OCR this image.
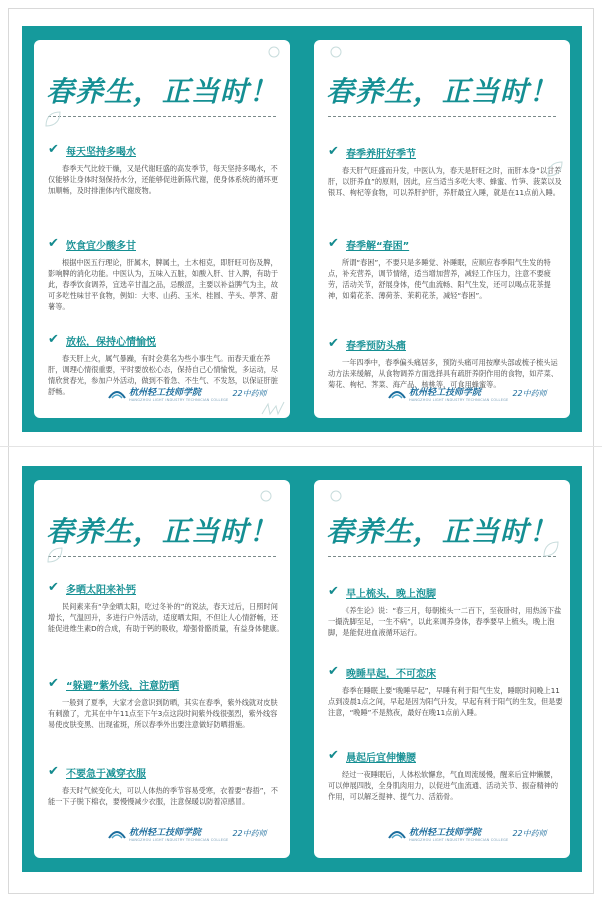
春养生，正当时！
✔ 每天坚持多喝水
春季天气比较干燥，又是代谢旺盛的高发季节，每天坚持多喝水，不仅能够让身体时刻保持水分，还能够促进新陈代谢，使身体系统的循环更加顺畅，及时排泄体内代谢废物。
✔ 饮食宜少酸多甘
根据中医五行理论，肝属木，脾属土，土木相克，即肝旺可伤及脾，影响脾的消化功能。中医认为，五味入五脏，如酸入肝、甘入脾，有助于此，春季饮食调养，宜选辛甘温之品，忌酸涩，主要以补益脾气为主，故可多吃性味甘平食物，例如：大枣、山药、玉米、桂圆、芋头、荸荠、甜薯等。
✔ 放松，保持心情愉悦
春天肝上火，属气暴躁，有时会莫名为些小事生气。而春天重在养肝，调理心情很重要，平时要放松心态，保持自己心情愉悦，多运动，尽情欣赏春光，参加户外活动，做到不着急、不生气、不发怒，以保证肝脏舒畅。	杭州轻工技师学院
HANGZHOU LIGHT INDUSTRY TECHNICIAN COLLEGE
22中药师
春养生，正当时！
✔ 春季养肝好季节
春天肝气旺盛而升发，中医认为，春天是肝旺之时，而肝本身“以甘养肝，以肝养血”的原则，因此，应当适当多吃大枣、蜂蜜、竹笋、菠菜以及银耳、枸杞等食物，可以养肝护肝，养肝最宜入睡，就是在11点前入睡。
✔ 春季解“春困”
所谓“春困”，不要只是多睡觉、补睡眠，应顺应春季阳气生发的特点，补充营养，调节情绪，适当增加营养，减轻工作压力，注意不要疲劳，活动关节，舒展身体，使气血流畅、阳气生发，还可以喝点花茶提神，如菊花茶、薄荷茶、茉莉花茶，减轻“春困”。
✔ 春季预防头痛
一年四季中，春季偏头痛居多，预防头痛可用按摩头部或梳子梳头运动方法来缓解，从食物调养方面选择具有疏肝养阴作用的食物，如芹菜、菊花、枸杞、荠菜、海产品、核桃等，可食用蜂蜜等。
杭州轻工技师学院
HANGZHOU LIGHT INDUSTRY TECHNICIAN COLLEGE
22中药师
春养生，正当时！
✔ 多晒太阳来补钙
民间素来有“孕金晒太阳，吃过冬补的”的说法，春天过后，日照时间增长，气温回升，多进行户外活动，适度晒太阳，不但让人心情舒畅，还能促进维生素D的合成，有助于钙的吸收，增强骨骼质量，有益身体健康。
✔ “躲避”紫外线，注意防晒
一般到了夏季，大家才会意识到防晒，其实在春季，紫外线就对皮肤有刺激了，尤其在中午11点至下午3点这段时间紫外线很强烈，紫外线容易使皮肤变黑、出现雀斑，所以春季外出要注意做好防晒措施。
✔ 不要急于减穿衣服
春天时气候变化大，可以人体热的季节容易受寒，衣着要“春捂”，不能一下子脱下棉衣，要慢慢减少衣服，注意保暖以防着凉感冒。
杭州轻工技师学院
HANGZHOU LIGHT INDUSTRY TECHNICIAN COLLEGE
22中药师
春养生，正当时！
✔ 早上梳头，晚上泡脚
《养生论》说：“春三月，每朝梳头一二百下，至夜卧时，用热汤下盐一撮洗脚至足，一生不病”，以此来调养身体，春季要早上梳头，晚上泡脚，是能促进血液循环运行。
✔ 晚睡早起，不可恋床
春季在睡眠上要“晚睡早起”，早睡有利于阳气生发，睡眠时间晚上11点到凌晨1点之间，早起是因为阳气升发，早起有利于阳气的生发，但是要注意，“晚睡”不是熬夜，最好在晚11点前入睡。
✔ 晨起后宜伸懒腰
经过一夜睡眠后，人体松软懈怠，气血周流缓慢，醒来后宜伸懒腰，可以伸展四肢，全身肌肉用力，以促进气血流通、活动关节、振奋精神的作用，可以解乏提神、提气力、活筋骨。
杭州轻工技师学院
HANGZHOU LIGHT INDUSTRY TECHNICIAN COLLEGE
22中药师
